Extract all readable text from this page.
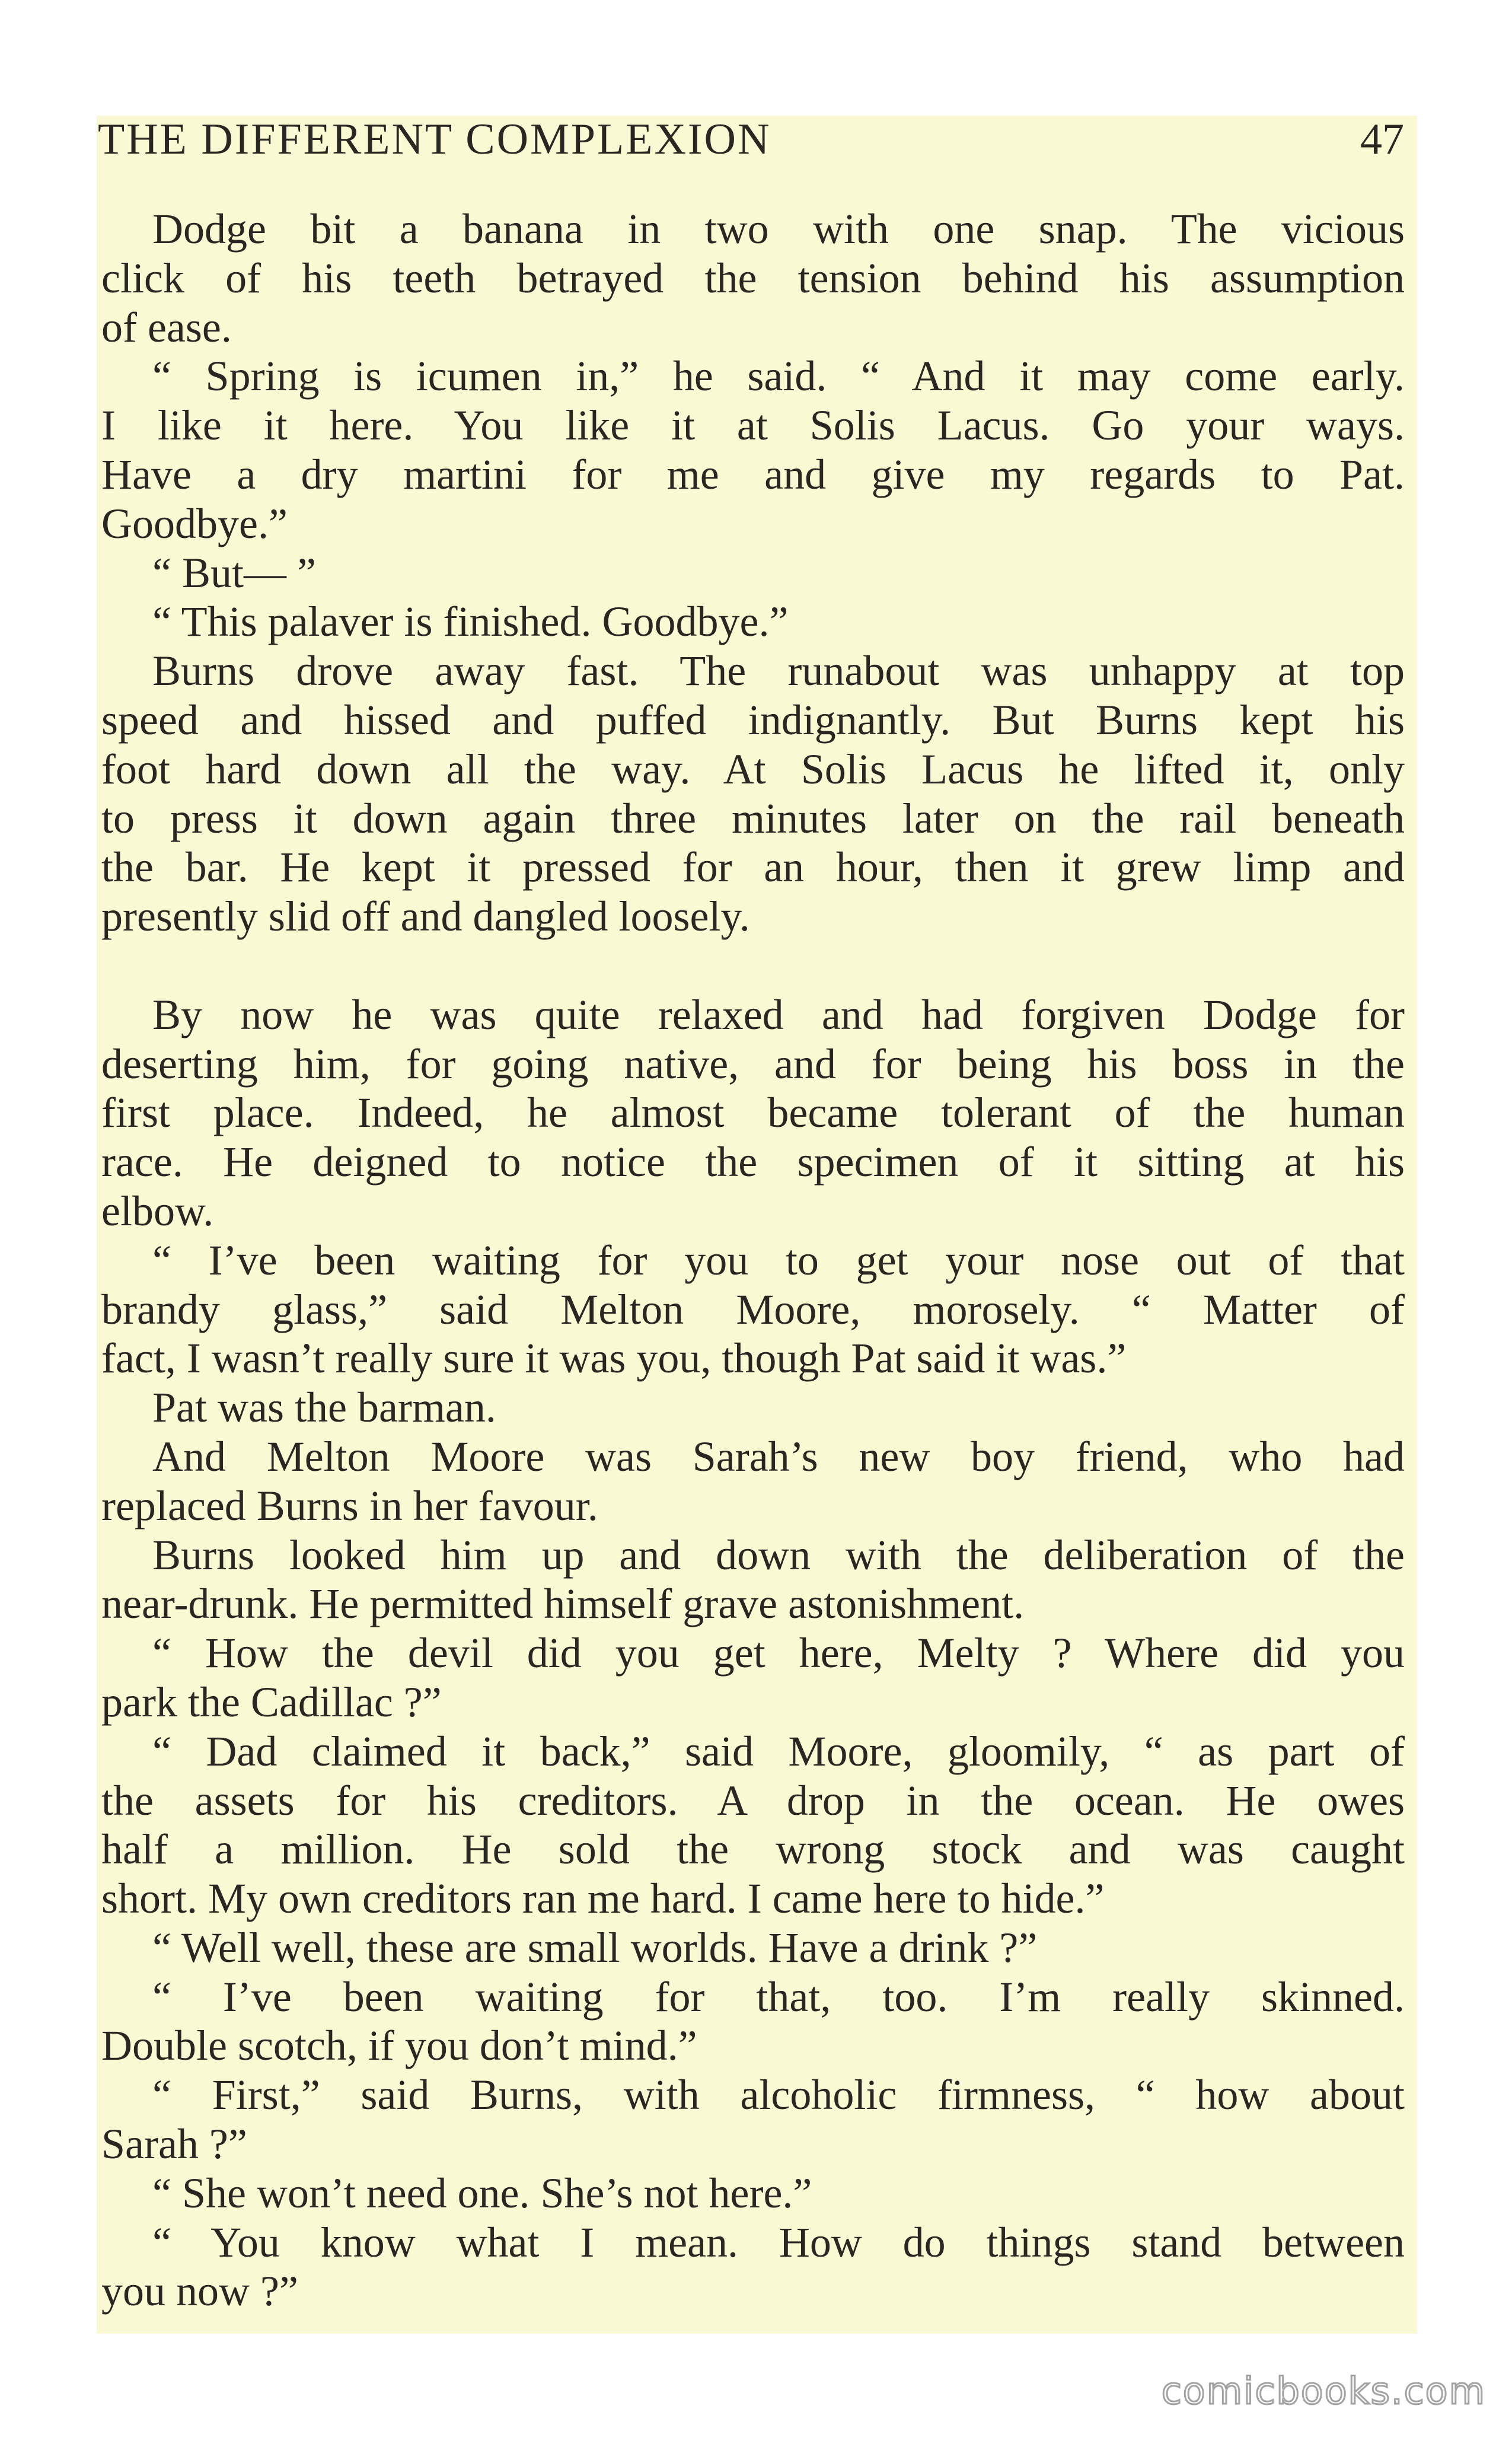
THE DIFFERENT COMPLEXION	47
Dodge bit a banana in two with one snap. The vicious
click of his teeth betrayed the tension behind his assumption
of ease.
“ Spring is icumen in,” he said. “ And it may come early.
I like it here. You like it at Solis Lacus. Go your ways.
Have a dry martini for me and give my regards to Pat.
Goodbye.”
“ But— ”
“ This palaver is finished. Goodbye.”
Burns drove away fast. The runabout was unhappy at top
speed and hissed and puffed indignantly. But Burns kept his
foot hard down all the way. At Solis Lacus he lifted it, only
to press it down again three minutes later on the rail beneath
the bar. He kept it pressed for an hour, then it grew limp and
presently slid off and dangled loosely.
By now he was quite relaxed and had forgiven Dodge for
deserting him, for going native, and for being his boss in the
first place. Indeed, he almost became tolerant of the human
race. He deigned to notice the specimen of it sitting at his
elbow.
“ I’ve been waiting for you to get your nose out of that
brandy glass,” said Melton Moore, morosely. “ Matter of
fact, I wasn’t really sure it was you, though Pat said it was.”
Pat was the barman.
And Melton Moore was Sarah’s new boy friend, who had
replaced Burns in her favour.
Burns looked him up and down with the deliberation of the
near-drunk. He permitted himself grave astonishment.
“ How the devil did you get here, Melty ? Where did you
park the Cadillac ?”
“ Dad claimed it back,” said Moore, gloomily, “ as part of
the assets for his creditors. A drop in the ocean. He owes
half a million. He sold the wrong stock and was caught
short. My own creditors ran me hard. I came here to hide.”
“ Well well, these are small worlds. Have a drink ?”
“ I’ve been waiting for that, too. I’m really skinned.
Double scotch, if you don’t mind.”
“ First,” said Burns, with alcoholic firmness, “ how about
Sarah ?”
“ She won’t need one. She’s not here.”
“ You know what I mean. How do things stand between
you now ?”
comicbooks.com
